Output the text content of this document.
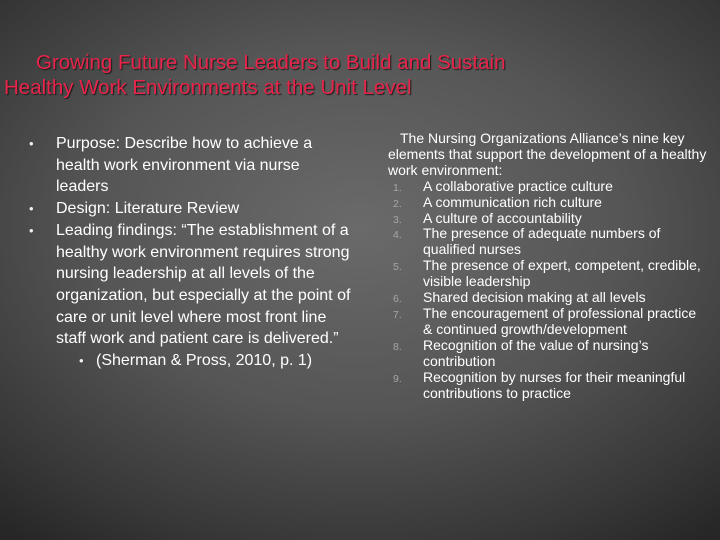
Growing Future Nurse Leaders to Build and Sustain
Healthy Work Environments at the Unit Level
• Purpose: Describe how to achieve a health work environment via nurse leaders
• Design: Literature Review
• Leading findings: “The establishment of a healthy work environment requires strong nursing leadership at all levels of the organization, but especially at the point of care or unit level where most front line staff work and patient care is delivered.”
• (Sherman & Pross, 2010, p. 1)

The Nursing Organizations Alliance’s nine key elements that support the development of a healthy work environment:

1. A collaborative practice culture
2. A communication rich culture
3. A culture of accountability
4. The presence of adequate numbers of qualified nurses
5. The presence of expert, competent, credible, visible leadership
6. Shared decision making at all levels
7. The encouragement of professional practice & continued growth/development
8. Recognition of the value of nursing’s contribution
9. Recognition by nurses for their meaningful contributions to practice
